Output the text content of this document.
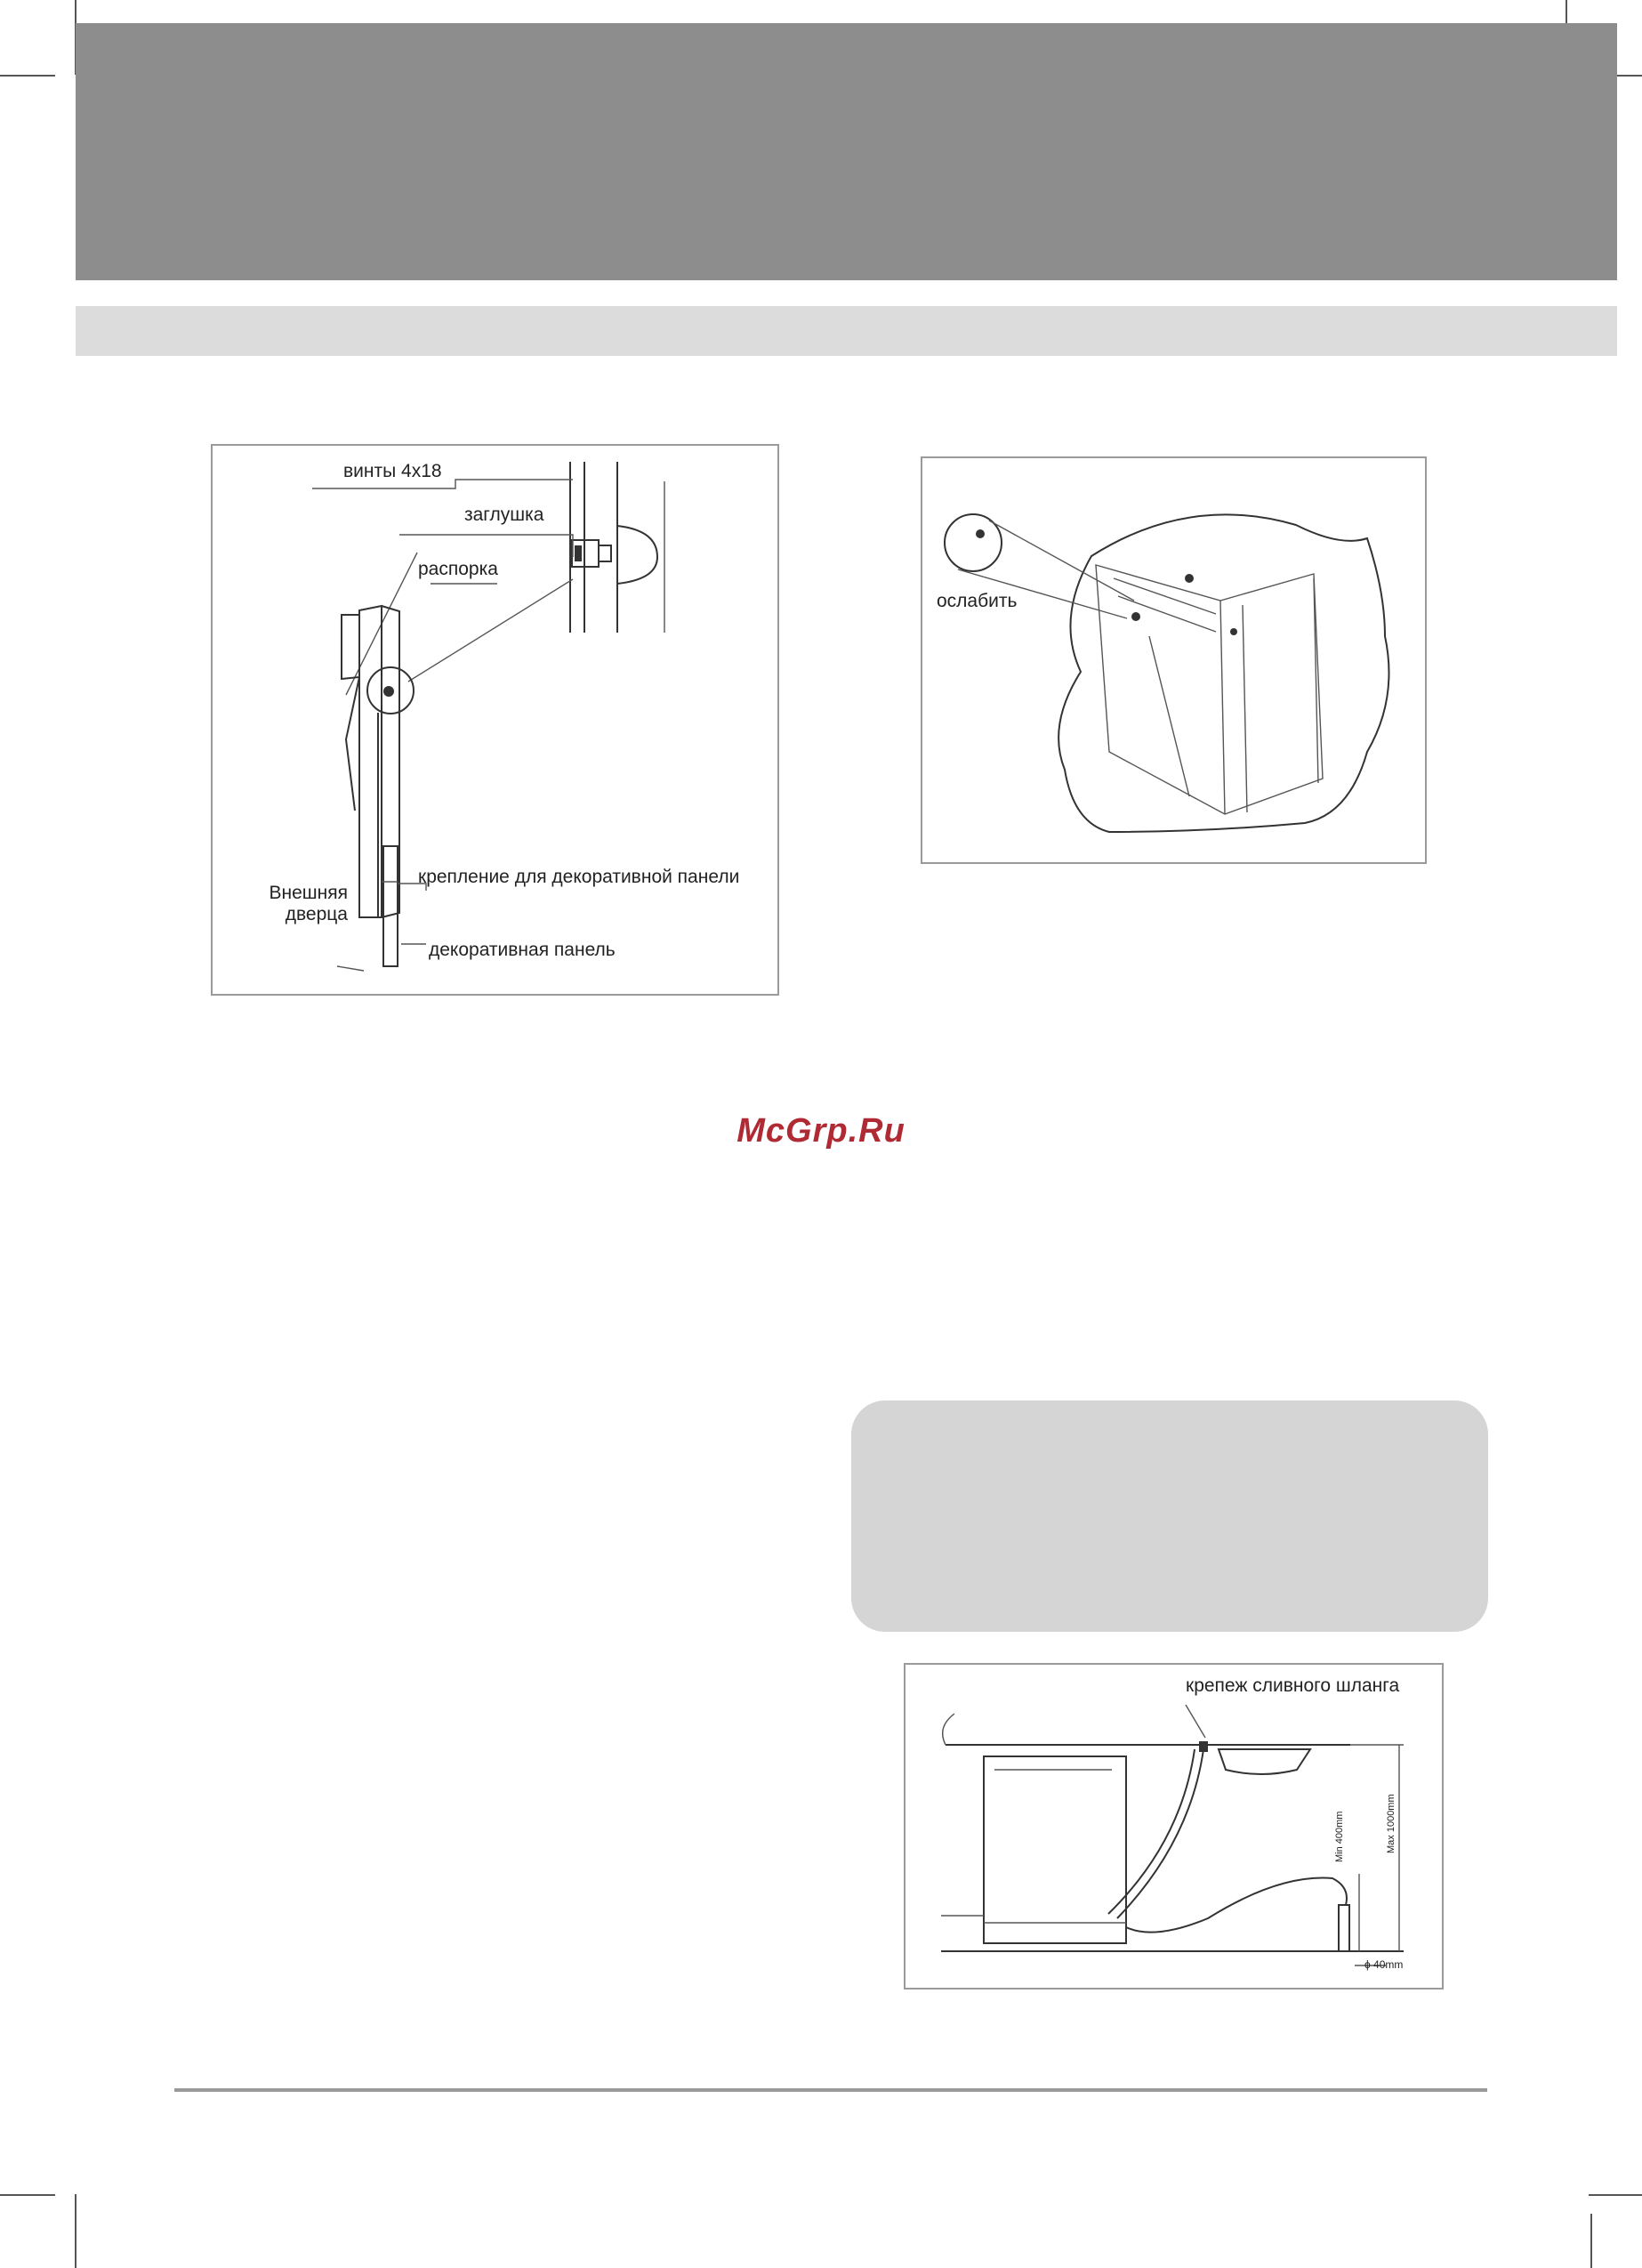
винты 4x18
заглушка
распорка
крепление для декоративной панели
Внешняя
дверца
декоративная панель
ослабить
McGrp.Ru
крепеж сливного шланга
Min 400mm	Max 1000mm
ϕ 40mm
